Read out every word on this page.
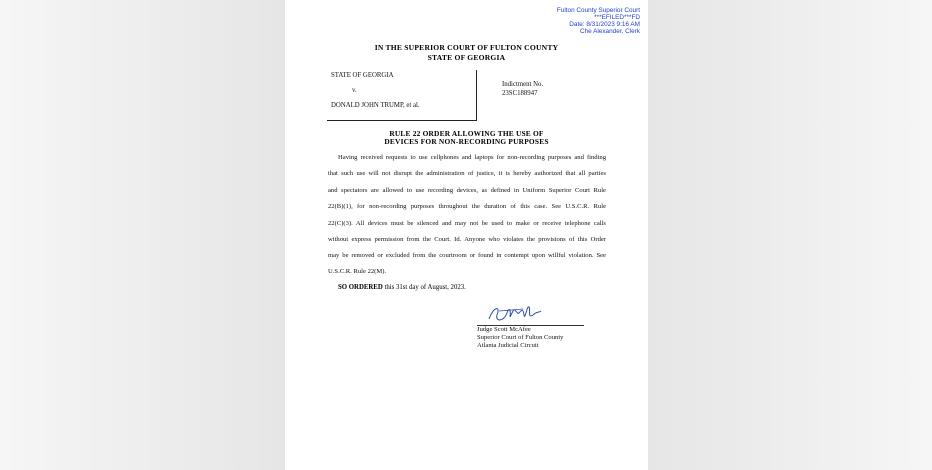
Fulton County Superior Court
***EFILED***FD
Date: 8/31/2023 9:16 AM
Che Alexander, Clerk
IN THE SUPERIOR COURT OF FULTON COUNTY
STATE OF GEORGIA
STATE OF GEORGIA
v.
DONALD JOHN TRUMP, et al.
Indictment No.
23SC188947
RULE 22 ORDER ALLOWING THE USE OF
DEVICES FOR NON-RECORDING PURPOSES
Having received requests to use cellphones and laptops for non-recording purposes and finding
that such use will not disrupt the administration of justice, it is hereby authorized that all parties
and spectators are allowed to use recording devices, as defined in Uniform Superior Court Rule
22(B)(1), for non-recording purposes throughout the duration of this case. See U.S.C.R. Rule
22(C)(3). All devices must be silenced and may not be used to make or receive telephone calls
without express permission from the Court. Id. Anyone who violates the provisions of this Order
may be removed or excluded from the courtroom or found in contempt upon willful violation. See
U.S.C.R. Rule 22(M).
SO ORDERED this 31st day of August, 2023.
Judge Scott McAfee
Superior Court of Fulton County
Atlanta Judicial Circuit
